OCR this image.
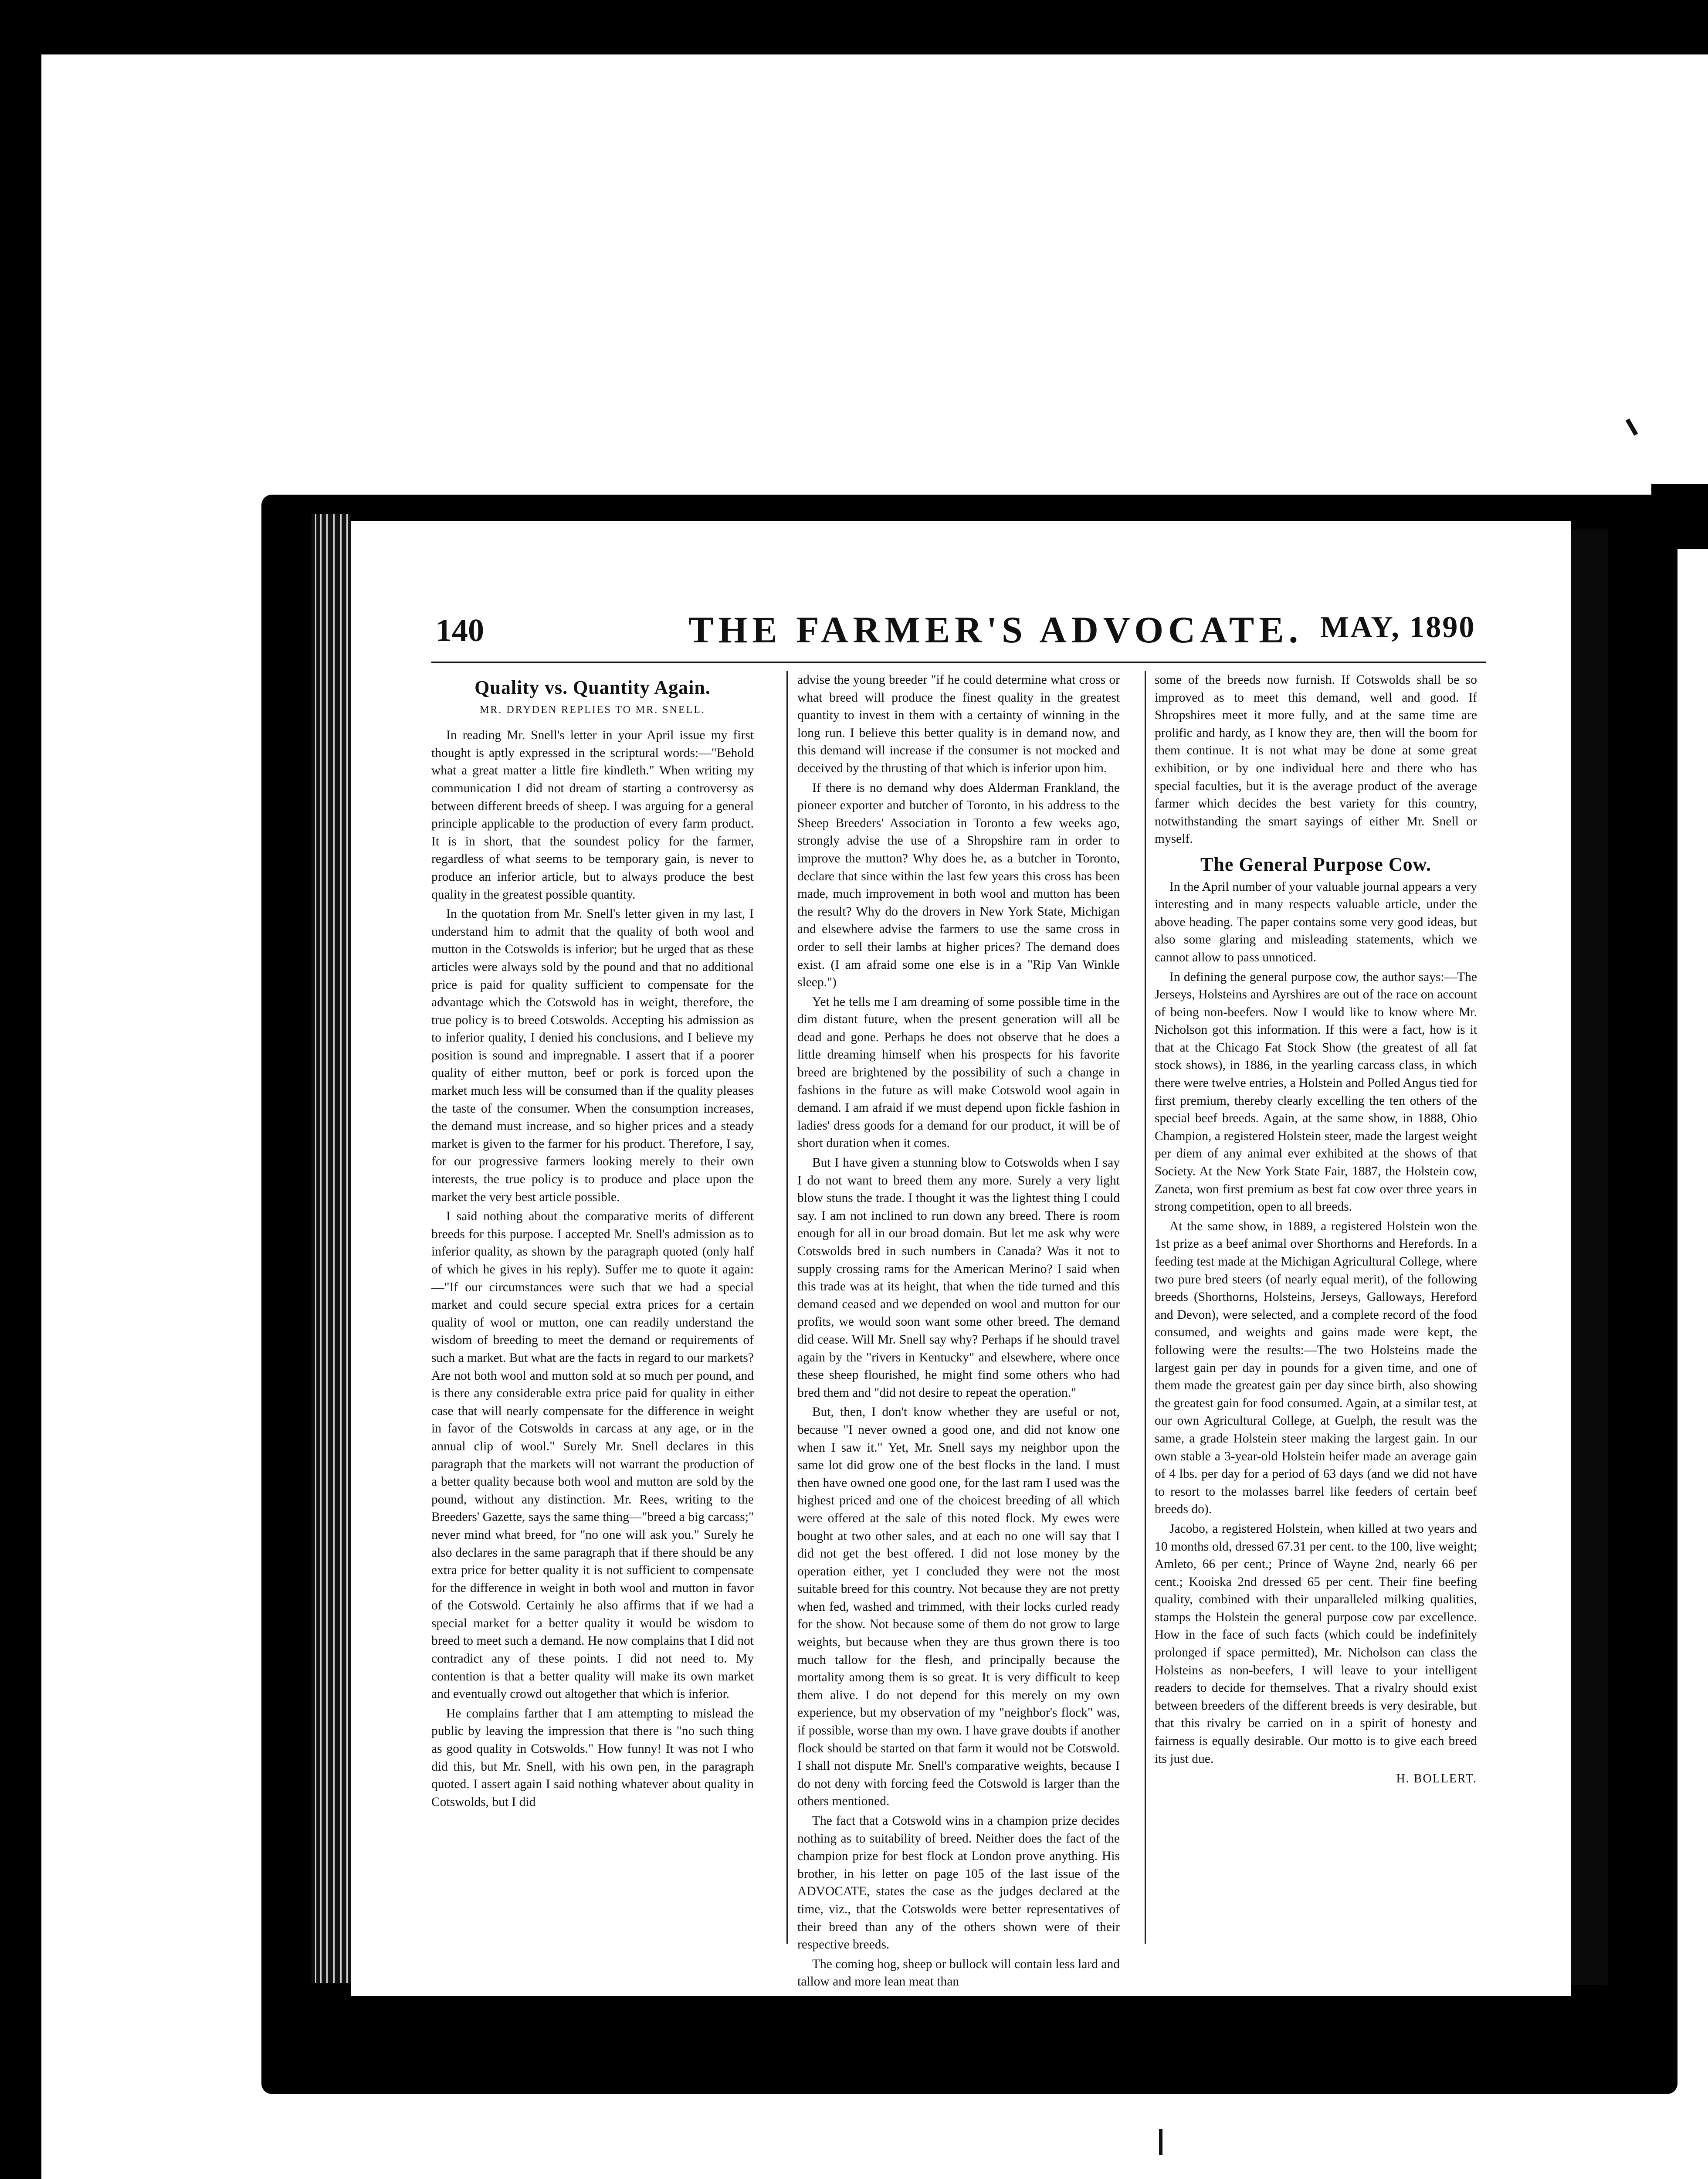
140	THE FARMER'S ADVOCATE. MAY, 1890
Quality vs. Quantity Again.
MR. DRYDEN REPLIES TO MR. SNELL.

In reading Mr. Snell's letter in your April issue my first thought is aptly expressed in the scriptural words:—"Behold what a great matter a little fire kindleth." When writing my communication I did not dream of starting a controversy as between different breeds of sheep. I was arguing for a general principle applicable to the production of every farm product. It is in short, that the soundest policy for the farmer, regardless of what seems to be temporary gain, is never to produce an inferior article, but to always produce the best quality in the greatest possible quantity.

In the quotation from Mr. Snell's letter given in my last, I understand him to admit that the quality of both wool and mutton in the Cotswolds is inferior; but he urged that as these articles were always sold by the pound and that no additional price is paid for quality sufficient to compensate for the advantage which the Cotswold has in weight, therefore, the true policy is to breed Cotswolds. Accepting his admission as to inferior quality, I denied his conclusions, and I believe my position is sound and impregnable. I assert that if a poorer quality of either mutton, beef or pork is forced upon the market much less will be consumed than if the quality pleases the taste of the consumer. When the consumption increases, the demand must increase, and so higher prices and a steady market is given to the farmer for his product. Therefore, I say, for our progressive farmers looking merely to their own interests, the true policy is to produce and place upon the market the very best article possible.

I said nothing about the comparative merits of different breeds for this purpose. I accepted Mr. Snell's admission as to inferior quality, as shown by the paragraph quoted (only half of which he gives in his reply). Suffer me to quote it again:—"If our circumstances were such that we had a special market and could secure special extra prices for a certain quality of wool or mutton, one can readily understand the wisdom of breeding to meet the demand or requirements of such a market. But what are the facts in regard to our markets? Are not both wool and mutton sold at so much per pound, and is there any considerable extra price paid for quality in either case that will nearly compensate for the difference in weight in favor of the Cotswolds in carcass at any age, or in the annual clip of wool." Surely Mr. Snell declares in this paragraph that the markets will not warrant the production of a better quality because both wool and mutton are sold by the pound, without any distinction. Mr. Rees, writing to the Breeders' Gazette, says the same thing—"breed a big carcass;" never mind what breed, for "no one will ask you." Surely he also declares in the same paragraph that if there should be any extra price for better quality it is not sufficient to compensate for the difference in weight in both wool and mutton in favor of the Cotswold. Certainly he also affirms that if we had a special market for a better quality it would be wisdom to breed to meet such a demand. He now complains that I did not contradict any of these points. I did not need to. My contention is that a better quality will make its own market and eventually crowd out altogether that which is inferior.

He complains farther that I am attempting to mislead the public by leaving the impression that there is "no such thing as good quality in Cotswolds." How funny! It was not I who did this, but Mr. Snell, with his own pen, in the paragraph quoted. I assert again I said nothing whatever about quality in Cotswolds, but I did

advise the young breeder "if he could determine what cross or what breed will produce the finest quality in the greatest quantity to invest in them with a certainty of winning in the long run. I believe this better quality is in demand now, and this demand will increase if the consumer is not mocked and deceived by the thrusting of that which is inferior upon him.

If there is no demand why does Alderman Frankland, the pioneer exporter and butcher of Toronto, in his address to the Sheep Breeders' Association in Toronto a few weeks ago, strongly advise the use of a Shropshire ram in order to improve the mutton? Why does he, as a butcher in Toronto, declare that since within the last few years this cross has been made, much improvement in both wool and mutton has been the result? Why do the drovers in New York State, Michigan and elsewhere advise the farmers to use the same cross in order to sell their lambs at higher prices? The demand does exist. (I am afraid some one else is in a "Rip Van Winkle sleep.")

Yet he tells me I am dreaming of some possible time in the dim distant future, when the present generation will all be dead and gone. Perhaps he does not observe that he does a little dreaming himself when his prospects for his favorite breed are brightened by the possibility of such a change in fashions in the future as will make Cotswold wool again in demand. I am afraid if we must depend upon fickle fashion in ladies' dress goods for a demand for our product, it will be of short duration when it comes.

But I have given a stunning blow to Cotswolds when I say I do not want to breed them any more. Surely a very light blow stuns the trade. I thought it was the lightest thing I could say. I am not inclined to run down any breed. There is room enough for all in our broad domain. But let me ask why were Cotswolds bred in such numbers in Canada? Was it not to supply crossing rams for the American Merino? I said when this trade was at its height, that when the tide turned and this demand ceased and we depended on wool and mutton for our profits, we would soon want some other breed. The demand did cease. Will Mr. Snell say why? Perhaps if he should travel again by the "rivers in Kentucky" and elsewhere, where once these sheep flourished, he might find some others who had bred them and "did not desire to repeat the operation."

But, then, I don't know whether they are useful or not, because "I never owned a good one, and did not know one when I saw it." Yet, Mr. Snell says my neighbor upon the same lot did grow one of the best flocks in the land. I must then have owned one good one, for the last ram I used was the highest priced and one of the choicest breeding of all which were offered at the sale of this noted flock. My ewes were bought at two other sales, and at each no one will say that I did not get the best offered. I did not lose money by the operation either, yet I concluded they were not the most suitable breed for this country. Not because they are not pretty when fed, washed and trimmed, with their locks curled ready for the show. Not because some of them do not grow to large weights, but because when they are thus grown there is too much tallow for the flesh, and principally because the mortality among them is so great. It is very difficult to keep them alive. I do not depend for this merely on my own experience, but my observation of my "neighbor's flock" was, if possible, worse than my own. I have grave doubts if another flock should be started on that farm it would not be Cotswold. I shall not dispute Mr. Snell's comparative weights, because I do not deny with forcing feed the Cotswold is larger than the others mentioned.

The fact that a Cotswold wins in a champion prize decides nothing as to suitability of breed. Neither does the fact of the champion prize for best flock at London prove anything. His brother, in his letter on page 105 of the last issue of the ADVOCATE, states the case as the judges declared at the time, viz., that the Cotswolds were better representatives of their breed than any of the others shown were of their respective breeds.

The coming hog, sheep or bullock will contain less lard and tallow and more lean meat than

some of the breeds now furnish. If Cotswolds shall be so improved as to meet this demand, well and good. If Shropshires meet it more fully, and at the same time are prolific and hardy, as I know they are, then will the boom for them continue. It is not what may be done at some great exhibition, or by one individual here and there who has special faculties, but it is the average product of the average farmer which decides the best variety for this country, notwithstanding the smart sayings of either Mr. Snell or myself.

The General Purpose Cow.

In the April number of your valuable journal appears a very interesting and in many respects valuable article, under the above heading. The paper contains some very good ideas, but also some glaring and misleading statements, which we cannot allow to pass unnoticed.

In defining the general purpose cow, the author says:—The Jerseys, Holsteins and Ayrshires are out of the race on account of being non-beefers. Now I would like to know where Mr. Nicholson got this information. If this were a fact, how is it that at the Chicago Fat Stock Show (the greatest of all fat stock shows), in 1886, in the yearling carcass class, in which there were twelve entries, a Holstein and Polled Angus tied for first premium, thereby clearly excelling the ten others of the special beef breeds. Again, at the same show, in 1888, Ohio Champion, a registered Holstein steer, made the largest weight per diem of any animal ever exhibited at the shows of that Society. At the New York State Fair, 1887, the Holstein cow, Zaneta, won first premium as best fat cow over three years in strong competition, open to all breeds.

At the same show, in 1889, a registered Holstein won the 1st prize as a beef animal over Shorthorns and Herefords. In a feeding test made at the Michigan Agricultural College, where two pure bred steers (of nearly equal merit), of the following breeds (Shorthorns, Holsteins, Jerseys, Galloways, Hereford and Devon), were selected, and a complete record of the food consumed, and weights and gains made were kept, the following were the results:—The two Holsteins made the largest gain per day in pounds for a given time, and one of them made the greatest gain per day since birth, also showing the greatest gain for food consumed. Again, at a similar test, at our own Agricultural College, at Guelph, the result was the same, a grade Holstein steer making the largest gain. In our own stable a 3-year-old Holstein heifer made an average gain of 4 lbs. per day for a period of 63 days (and we did not have to resort to the molasses barrel like feeders of certain beef breeds do).

Jacobo, a registered Holstein, when killed at two years and 10 months old, dressed 67.31 per cent. to the 100, live weight; Amleto, 66 per cent.; Prince of Wayne 2nd, nearly 66 per cent.; Kooiska 2nd dressed 65 per cent. Their fine beefing quality, combined with their unparalleled milking qualities, stamps the Holstein the general purpose cow par excellence. How in the face of such facts (which could be indefinitely prolonged if space permitted), Mr. Nicholson can class the Holsteins as non-beefers, I will leave to your intelligent readers to decide for themselves. That a rivalry should exist between breeders of the different breeds is very desirable, but that this rivalry be carried on in a spirit of honesty and fairness is equally desirable. Our motto is to give each breed its just due.

H. BOLLERT.
